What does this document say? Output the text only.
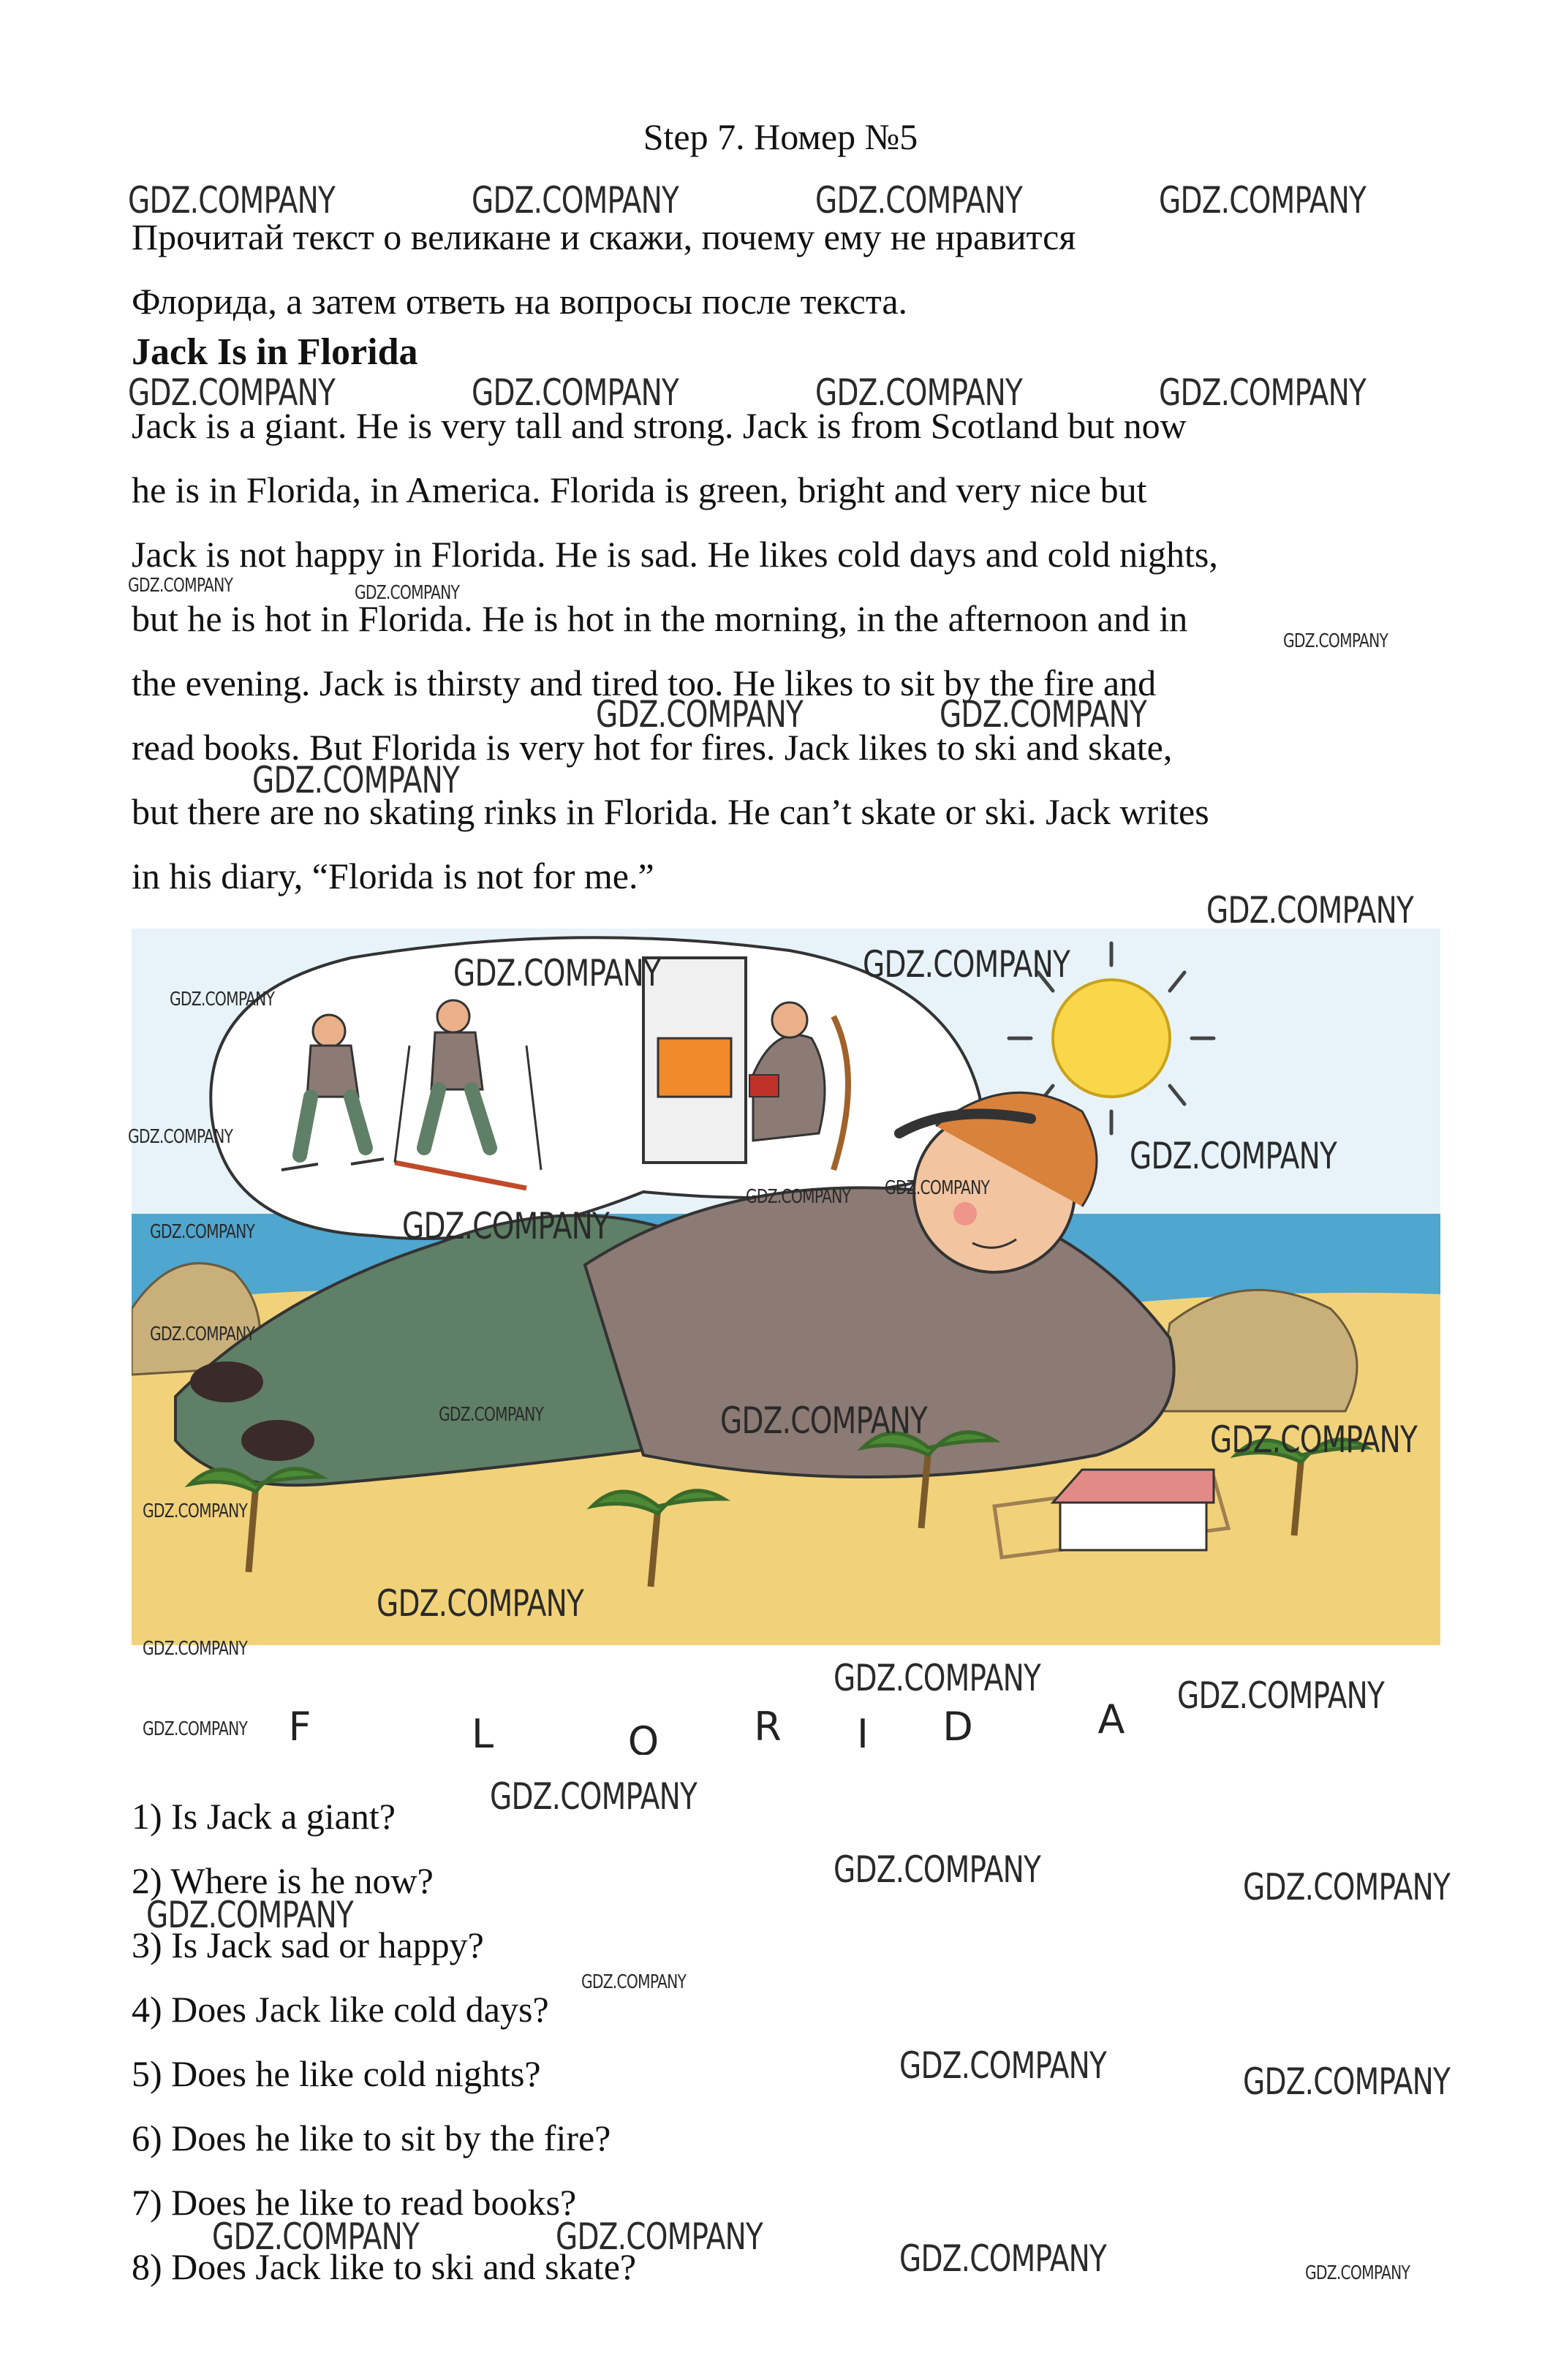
Step 7. Номер №5
Прочитай текст о великане и скажи, почему ему не нравится
Флорида, а затем ответь на вопросы после текста.
Jack Is in Florida
Jack is a giant. He is very tall and strong. Jack is from Scotland but now
he is in Florida, in America. Florida is green, bright and very nice but
Jack is not happy in Florida. He is sad. He likes cold days and cold nights,
but he is hot in Florida. He is hot in the morning, in the afternoon and in
the evening. Jack is thirsty and tired too. He likes to sit by the fire and
read books. But Florida is very hot for fires. Jack likes to ski and skate,
but there are no skating rinks in Florida. He can’t skate or ski. Jack writes
in his diary, “Florida is not for me.”
F	L	O R I D	A
1) Is Jack a giant?
2) Where is he now?
3) Is Jack sad or happy?
4) Does Jack like cold days?
5) Does he like cold nights?
6) Does he like to sit by the fire?
7) Does he like to read books?
8) Does Jack like to ski and skate?
GDZ.COMPANY	GDZ.COMPANY	GDZ.COMPANY	GDZ.COMPANY
GDZ.COMPANY	GDZ.COMPANY	GDZ.COMPANY	GDZ.COMPANY
GDZ.COMPANY	GDZ.COMPANY
GDZ.COMPANY
GDZ.COMPANY	GDZ.COMPANY
GDZ.COMPANY
GDZ.COMPANY
GDZ.COMPANY	GDZ.COMPANY
GDZ.COMPANY
GDZ.COMPANY	GDZ.COMPANY
GDZ.COMPANY GDZ.COMPANY
GDZ.COMPANY	GDZ.COMPANY
GDZ.COMPANY
GDZ.COMPANY	GDZ.COMPANY	GDZ.COMPANY
GDZ.COMPANY
GDZ.COMPANY
GDZ.COMPANY
GDZ.COMPANY	GDZ.COMPANY
GDZ.COMPANY
GDZ.COMPANY
GDZ.COMPANY	GDZ.COMPANY
GDZ.COMPANY
GDZ.COMPANY
GDZ.COMPANY	GDZ.COMPANY
GDZ.COMPANY	GDZ.COMPANY
GDZ.COMPANY	GDZ.COMPANY
